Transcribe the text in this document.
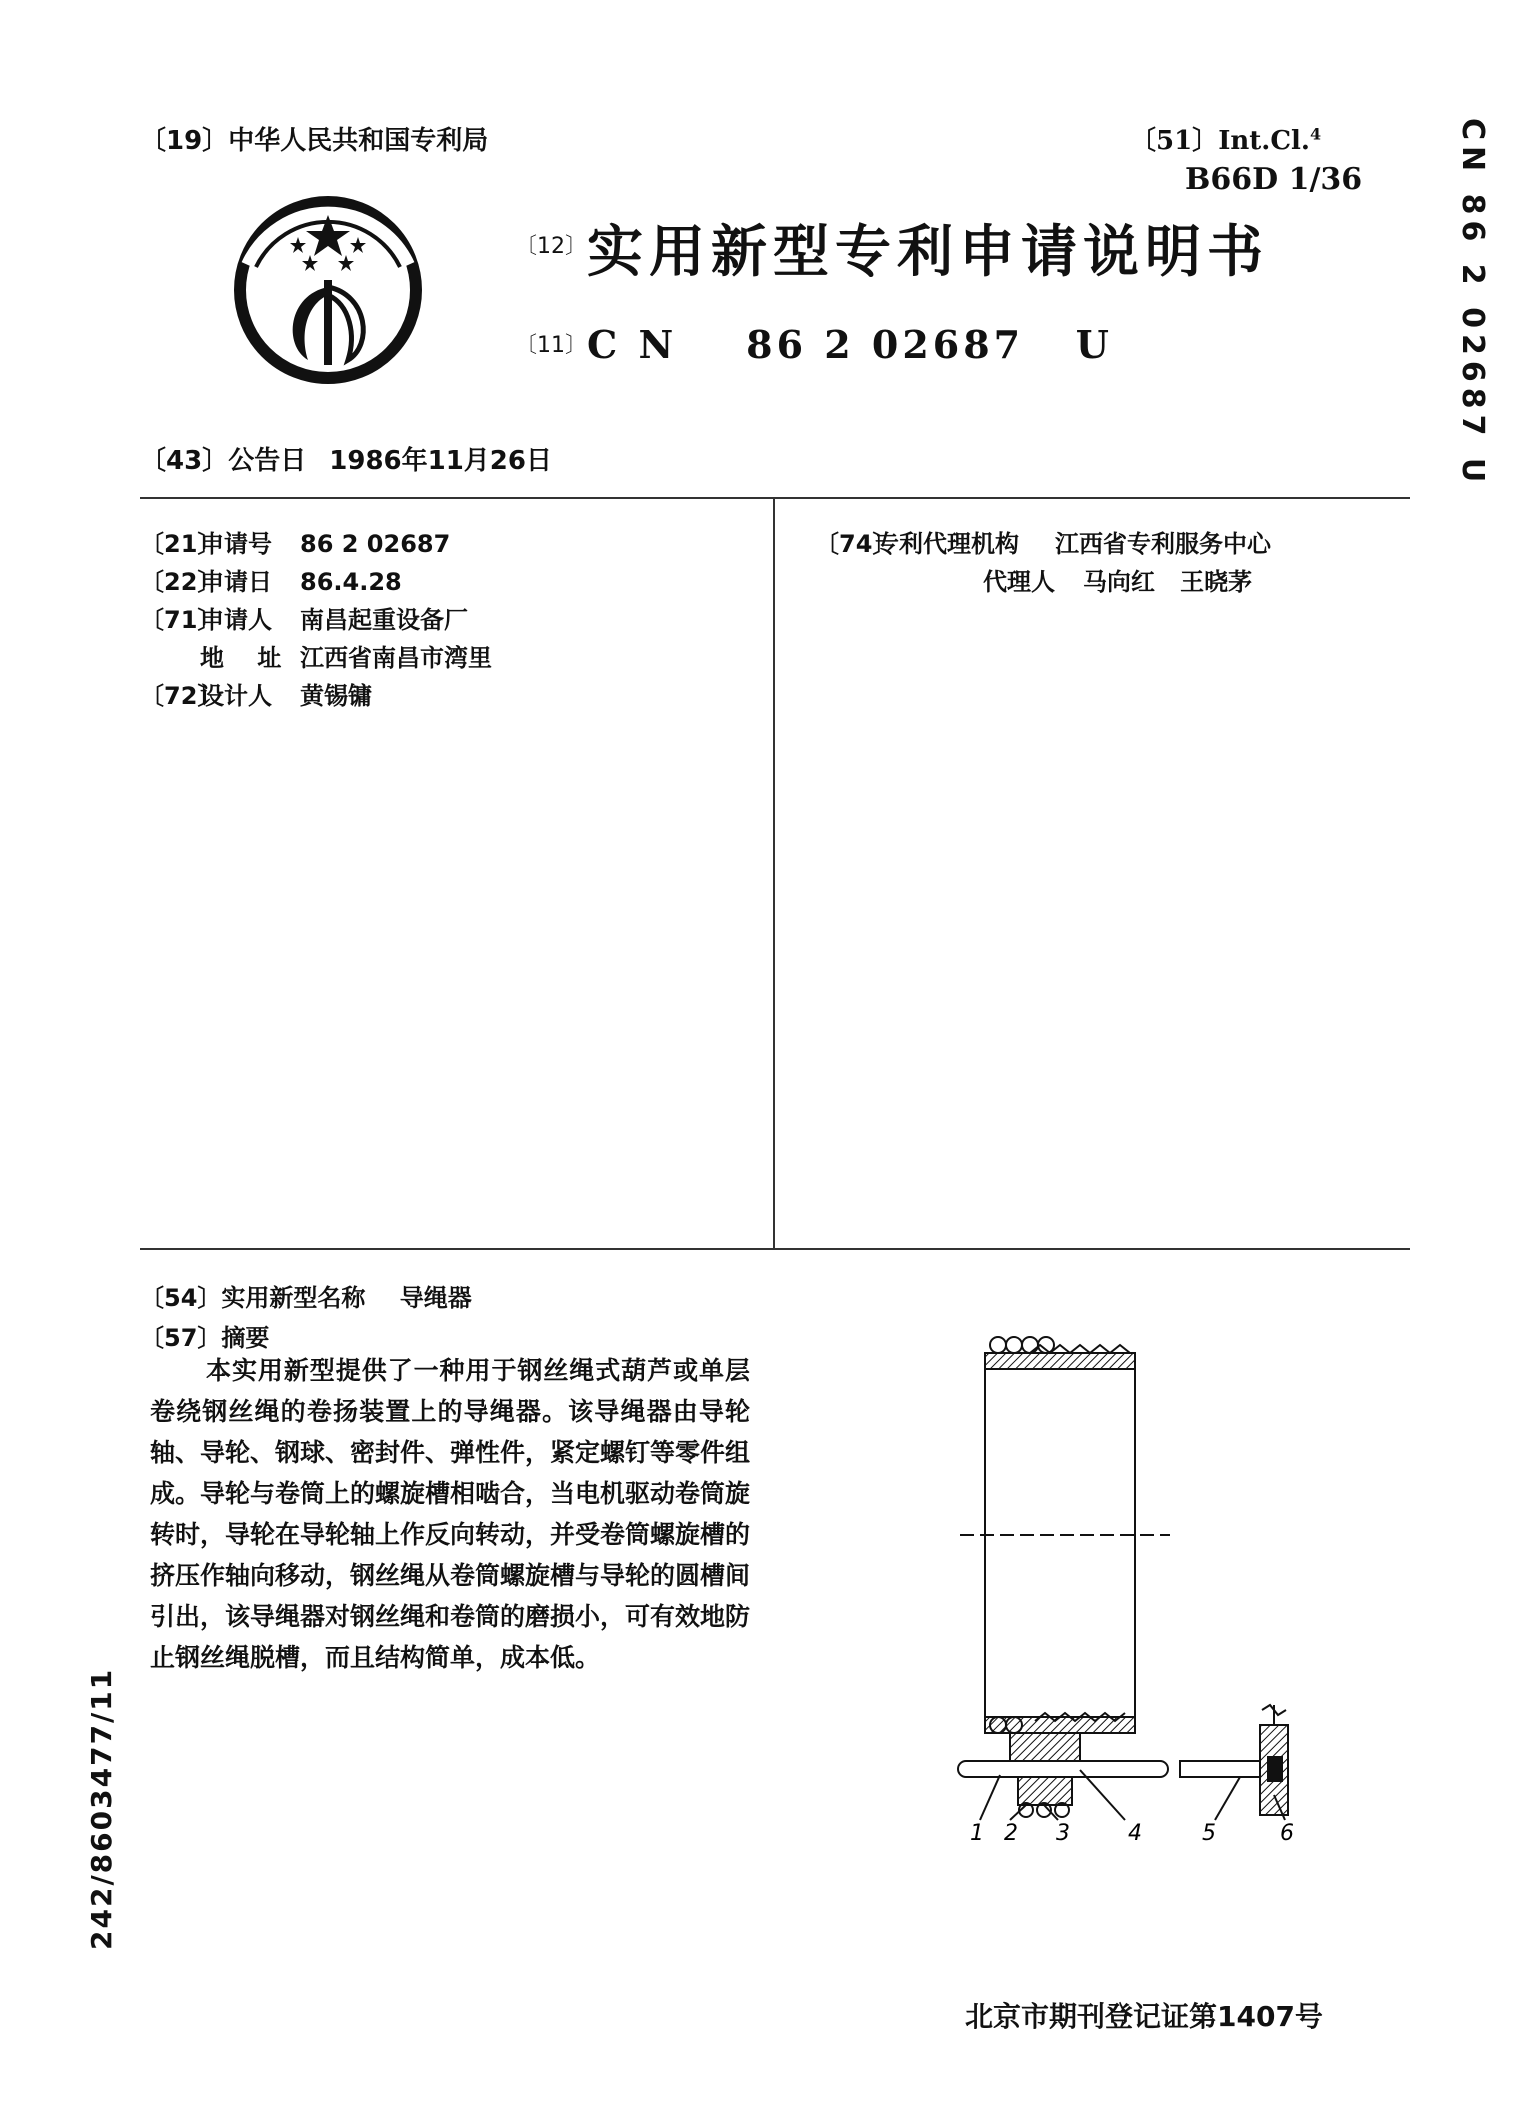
〔19〕中华人民共和国专利局	〔51〕Int.Cl.$^4$
B66D 1/36
〔12〕实用新型专利申请说明书
〔11〕C N    86 2 02687   U	CN 86 2 02687 U
〔43〕公告日 1986年11月26日
〔21〕申请号 86 2 02687
〔22〕申请日 86.4.28
〔71〕申请人 南昌起重设备厂
地    址 江西省南昌市湾里
〔72〕设计人 黄锡镛
〔74〕专利代理机构 江西省专利服务中心
代理人 马向红   王晓茅
〔54〕实用新型名称 导绳器
〔57〕摘要
本实用新型提供了一种用于钢丝绳式葫芦或单层卷绕钢丝绳的卷扬装置上的导绳器。该导绳器由导轮轴、导轮、钢球、密封件、弹性件，紧定螺钉等零件组成。导轮与卷筒上的螺旋槽相啮合，当电机驱动卷筒旋转时，导轮在导轮轴上作反向转动，并受卷筒螺旋槽的挤压作轴向移动，钢丝绳从卷筒螺旋槽与导轮的圆槽间引出，该导绳器对钢丝绳和卷筒的磨损小，可有效地防止钢丝绳脱槽，而且结构简单，成本低。
242/8603477/11	1 2 3	4	5	6
北京市期刊登记证第1407号
